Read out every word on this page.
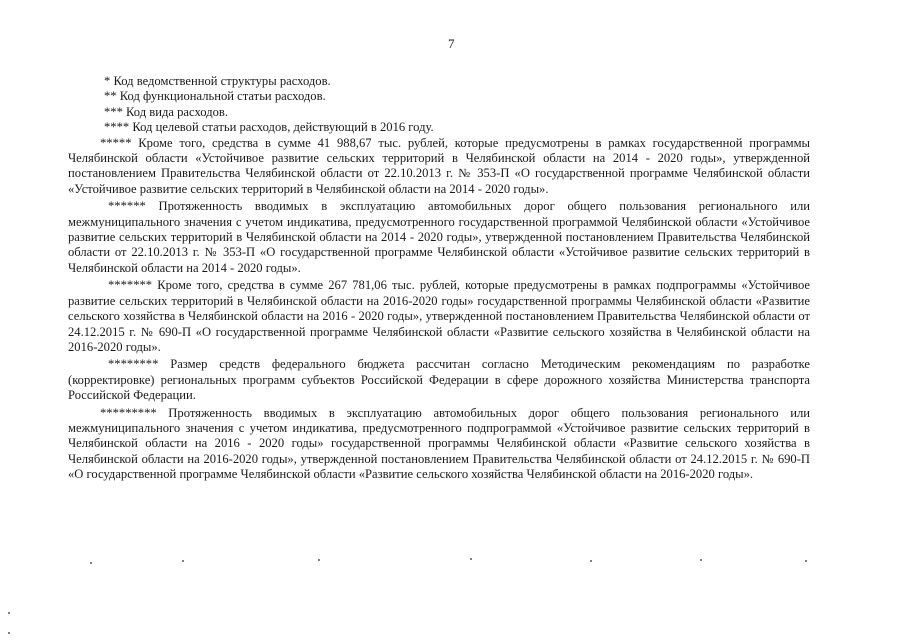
7
* Код ведомственной структуры расходов.
** Код функциональной статьи расходов.
*** Код вида расходов.
**** Код целевой статьи расходов, действующий в 2016 году.
***** Кроме того, средства в сумме 41 988,67 тыс. рублей, которые предусмотрены в рамках государственной программы Челябинской области «Устойчивое развитие сельских территорий в Челябинской области на 2014 - 2020 годы», утвержденной постановлением Правительства Челябинской области от 22.10.2013 г. № 353-П «О государственной программе Челябинской области «Устойчивое развитие сельских территорий в Челябинской области на 2014 - 2020 годы».
****** Протяженность вводимых в эксплуатацию автомобильных дорог общего пользования регионального или межмуниципального значения с учетом индикатива, предусмотренного государственной программой Челябинской области «Устойчивое развитие сельских территорий в Челябинской области на 2014 - 2020 годы», утвержденной постановлением Правительства Челябинской области от 22.10.2013 г. № 353-П «О государственной программе Челябинской области «Устойчивое развитие сельских территорий в Челябинской области на 2014 - 2020 годы».
******* Кроме того, средства в сумме 267 781,06 тыс. рублей, которые предусмотрены в рамках подпрограммы «Устойчивое развитие сельских территорий в Челябинской области на 2016-2020 годы» государственной программы Челябинской области «Развитие сельского хозяйства в Челябинской области на 2016 - 2020 годы», утвержденной постановлением Правительства Челябинской области от 24.12.2015 г. № 690-П «О государственной программе Челябинской области «Развитие сельского хозяйства в Челябинской области на 2016-2020 годы».
******** Размер средств федерального бюджета рассчитан согласно Методическим рекомендациям по разработке (корректировке) региональных программ субъектов Российской Федерации в сфере дорожного хозяйства Министерства транспорта Российской Федерации.
********* Протяженность вводимых в эксплуатацию автомобильных дорог общего пользования регионального или межмуниципального значения с учетом индикатива, предусмотренного подпрограммой «Устойчивое развитие сельских территорий в Челябинской области на 2016 - 2020 годы» государственной программы Челябинской области «Развитие сельского хозяйства в Челябинской области на 2016-2020 годы», утвержденной постановлением Правительства Челябинской области от 24.12.2015 г. № 690-П «О государственной программе Челябинской области «Развитие сельского хозяйства Челябинской области на 2016-2020 годы».
